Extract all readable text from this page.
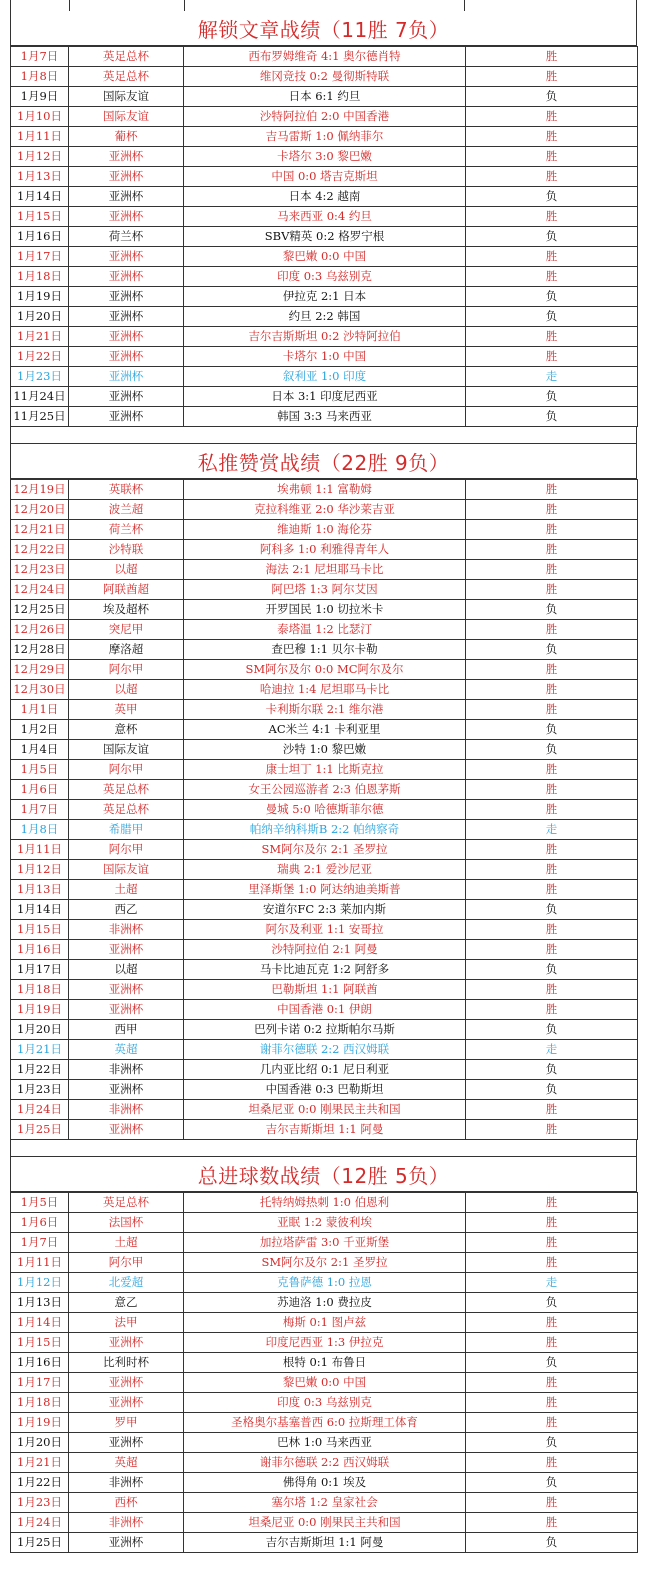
解锁文章战绩（11胜 7负）
1月7日	英足总杯	西布罗姆维奇 4:1 奥尔德肖特	胜
1月8日	英足总杯	维冈竞技 0:2 曼彻斯特联	胜
1月9日	国际友谊	日本 6:1 约旦	负
1月10日	国际友谊	沙特阿拉伯 2:0 中国香港	胜
1月11日	葡杯	吉马雷斯 1:0 佩纳菲尔	胜
1月12日	亚洲杯	卡塔尔 3:0 黎巴嫩	胜
1月13日	亚洲杯	中国 0:0 塔吉克斯坦	胜
1月14日	亚洲杯	日本 4:2 越南	负
1月15日	亚洲杯	马来西亚 0:4 约旦	胜
1月16日	荷兰杯	SBV精英 0:2 格罗宁根	负
1月17日	亚洲杯	黎巴嫩 0:0 中国	胜
1月18日	亚洲杯	印度 0:3 乌兹别克	胜
1月19日	亚洲杯	伊拉克 2:1 日本	负
1月20日	亚洲杯	约旦 2:2 韩国	负
1月21日	亚洲杯	吉尔吉斯斯坦 0:2 沙特阿拉伯	胜
1月22日	亚洲杯	卡塔尔 1:0 中国	胜
1月23日	亚洲杯	叙利亚 1:0 印度	走
11月24日	亚洲杯	日本 3:1 印度尼西亚	负
11月25日	亚洲杯	韩国 3:3 马来西亚	负
私推赞赏战绩（22胜 9负）
12月19日	英联杯	埃弗顿 1:1 富勒姆	胜
12月20日	波兰超	克拉科维亚 2:0 华沙莱吉亚	胜
12月21日	荷兰杯	维迪斯 1:0 海伦芬	胜
12月22日	沙特联	阿科多 1:0 利雅得青年人	胜
12月23日	以超	海法 2:1 尼坦耶马卡比	胜
12月24日	阿联酋超	阿巴塔 1:3 阿尔艾因	胜
12月25日	埃及超杯	开罗国民 1:0 切拉米卡	负
12月26日	突尼甲	泰塔温 1:2 比瑟汀	胜
12月28日	摩洛超	查巴穆 1:1 贝尔卡勒	负
12月29日	阿尔甲	SM阿尔及尔 0:0 MC阿尔及尔	胜
12月30日	以超	哈迪拉 1:4 尼坦耶马卡比	胜
1月1日	英甲	卡利斯尔联 2:1 维尔港	胜
1月2日	意杯	AC米兰 4:1 卡利亚里	负
1月4日	国际友谊	沙特 1:0 黎巴嫩	负
1月5日	阿尔甲	康士坦丁 1:1 比斯克拉	胜
1月6日	英足总杯	女王公园巡游者 2:3 伯恩茅斯	胜
1月7日	英足总杯	曼城 5:0 哈德斯菲尔德	胜
1月8日	希腊甲	帕纳辛纳科斯B 2:2 帕纳察奇	走
1月11日	阿尔甲	SM阿尔及尔 2:1 圣罗拉	胜
1月12日	国际友谊	瑞典 2:1 爱沙尼亚	胜
1月13日	土超	里泽斯堡 1:0 阿达纳迪美斯普	胜
1月14日	西乙	安道尔FC 2:3 莱加内斯	负
1月15日	非洲杯	阿尔及利亚 1:1 安哥拉	胜
1月16日	亚洲杯	沙特阿拉伯 2:1 阿曼	胜
1月17日	以超	马卡比迪瓦克 1:2 阿舒多	负
1月18日	亚洲杯	巴勒斯坦 1:1 阿联酋	胜
1月19日	亚洲杯	中国香港 0:1 伊朗	胜
1月20日	西甲	巴列卡诺 0:2 拉斯帕尔马斯	负
1月21日	英超	谢菲尔德联 2:2 西汉姆联	走
1月22日	非洲杯	几内亚比绍 0:1 尼日利亚	负
1月23日	亚洲杯	中国香港 0:3 巴勒斯坦	负
1月24日	非洲杯	坦桑尼亚 0:0 刚果民主共和国	胜
1月25日	亚洲杯	吉尔吉斯斯坦 1:1 阿曼	胜
总进球数战绩（12胜 5负）
1月5日	英足总杯	托特纳姆热刺 1:0 伯恩利	胜
1月6日	法国杯	亚眠 1:2 蒙彼利埃	胜
1月7日	土超	加拉塔萨雷 3:0 千亚斯堡	胜
1月11日	阿尔甲	SM阿尔及尔 2:1 圣罗拉	胜
1月12日	北爱超	克鲁萨德 1:0 拉恩	走
1月13日	意乙	苏迪洛 1:0 费拉皮	负
1月14日	法甲	梅斯 0:1 图卢兹	胜
1月15日	亚洲杯	印度尼西亚 1:3 伊拉克	胜
1月16日	比利时杯	根特 0:1 布鲁日	负
1月17日	亚洲杯	黎巴嫩 0:0 中国	胜
1月18日	亚洲杯	印度 0:3 乌兹别克	胜
1月19日	罗甲	圣格奥尔基塞普西 6:0 拉斯理工体育	胜
1月20日	亚洲杯	巴林 1:0 马来西亚	负
1月21日	英超	谢菲尔德联 2:2 西汉姆联	胜
1月22日	非洲杯	佛得角 0:1 埃及	负
1月23日	西杯	塞尔塔 1:2 皇家社会	胜
1月24日	非洲杯	坦桑尼亚 0:0 刚果民主共和国	胜
1月25日	亚洲杯	吉尔吉斯斯坦 1:1 阿曼	负
